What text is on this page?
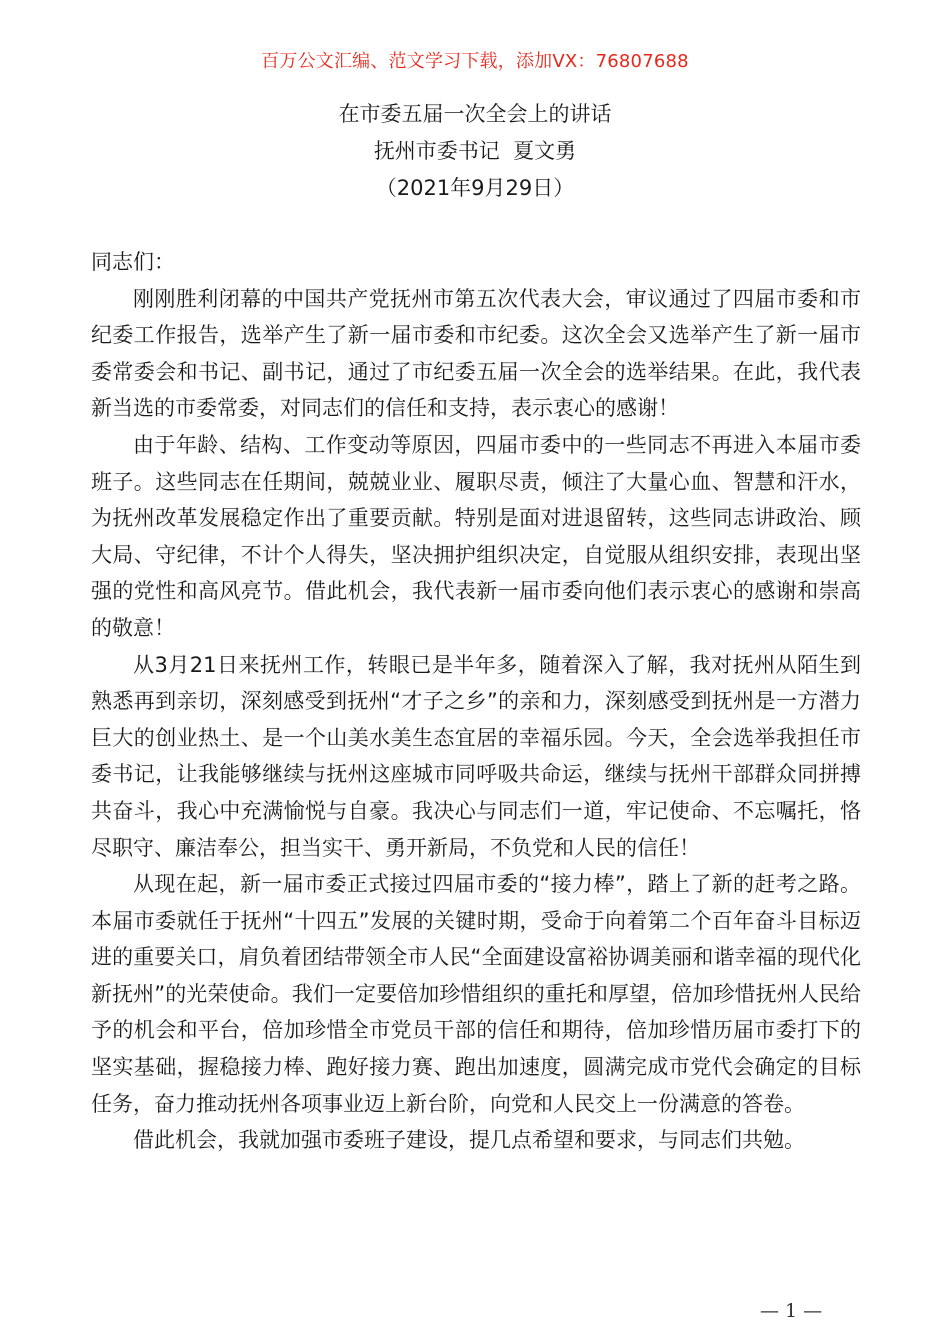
百万公文汇编、范文学习下载，添加VX：76807688
在市委五届一次全会上的讲话
抚州市委书记  夏文勇
（2021年9月29日）

同志们：

刚刚胜利闭幕的中国共产党抚州市第五次代表大会，审议通过了四届市委和市纪委工作报告，选举产生了新一届市委和市纪委。这次全会又选举产生了新一届市委常委会和书记、副书记，通过了市纪委五届一次全会的选举结果。在此，我代表新当选的市委常委，对同志们的信任和支持，表示衷心的感谢！

由于年龄、结构、工作变动等原因，四届市委中的一些同志不再进入本届市委班子。这些同志在任期间，兢兢业业、履职尽责，倾注了大量心血、智慧和汗水，为抚州改革发展稳定作出了重要贡献。特别是面对进退留转，这些同志讲政治、顾大局、守纪律，不计个人得失，坚决拥护组织决定，自觉服从组织安排，表现出坚强的党性和高风亮节。借此机会，我代表新一届市委向他们表示衷心的感谢和崇高的敬意！

从3月21日来抚州工作，转眼已是半年多，随着深入了解，我对抚州从陌生到熟悉再到亲切，深刻感受到抚州“才子之乡”的亲和力，深刻感受到抚州是一方潜力巨大的创业热土、是一个山美水美生态宜居的幸福乐园。今天，全会选举我担任市委书记，让我能够继续与抚州这座城市同呼吸共命运，继续与抚州干部群众同拼搏共奋斗，我心中充满愉悦与自豪。我决心与同志们一道，牢记使命、不忘嘱托，恪尽职守、廉洁奉公，担当实干、勇开新局，不负党和人民的信任！

从现在起，新一届市委正式接过四届市委的“接力棒”，踏上了新的赶考之路。本届市委就任于抚州“十四五”发展的关键时期，受命于向着第二个百年奋斗目标迈进的重要关口，肩负着团结带领全市人民“全面建设富裕协调美丽和谐幸福的现代化新抚州”的光荣使命。我们一定要倍加珍惜组织的重托和厚望，倍加珍惜抚州人民给予的机会和平台，倍加珍惜全市党员干部的信任和期待，倍加珍惜历届市委打下的坚实基础，握稳接力棒、跑好接力赛、跑出加速度，圆满完成市党代会确定的目标任务，奋力推动抚州各项事业迈上新台阶，向党和人民交上一份满意的答卷。

借此机会，我就加强市委班子建设，提几点希望和要求，与同志们共勉。

— 1 —
